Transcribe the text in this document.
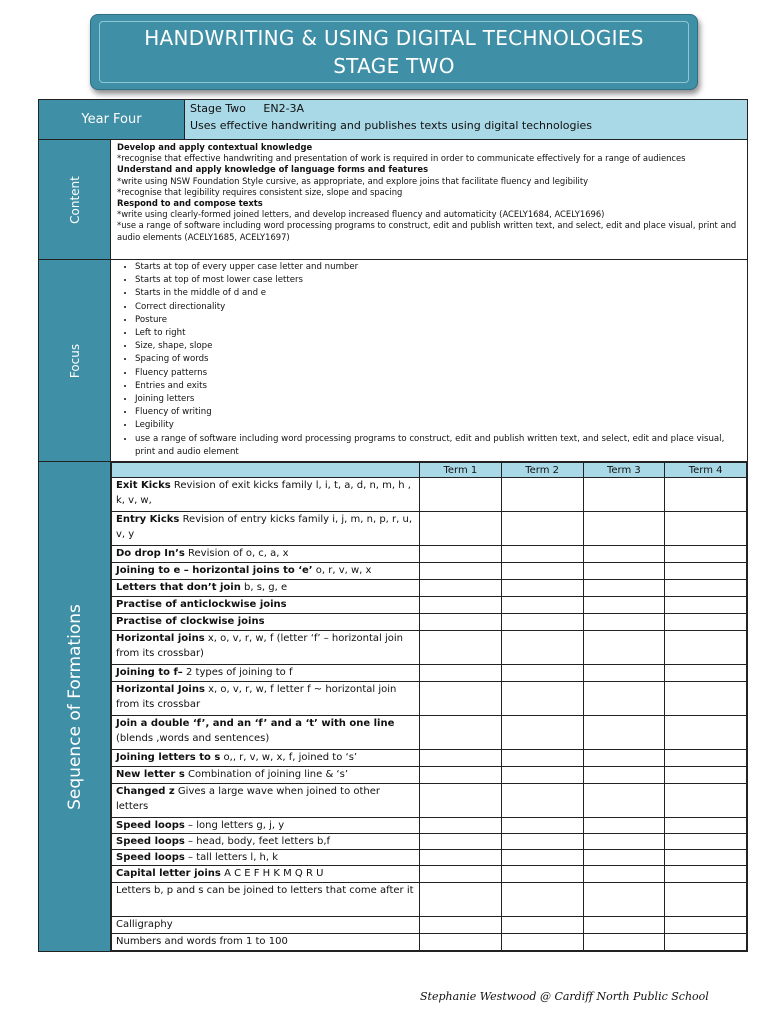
HANDWRITING & USING DIGITAL TECHNOLOGIES
STAGE TWO
Year Four	
Stage Two EN2-3A
Uses effective handwriting and publishes texts using digital technologies

Content

Develop and apply contextual knowledge
*recognise that effective handwriting and presentation of work is required in order to communicate effectively for a range of audiences
Understand and apply knowledge of language forms and features
*write using NSW Foundation Style cursive, as appropriate, and explore joins that facilitate fluency and legibility
*recognise that legibility requires consistent size, slope and spacing
Respond to and compose texts
*write using clearly-formed joined letters, and develop increased fluency and automaticity (ACELY1684, ACELY1696)
*use a range of software including word processing programs to construct, edit and publish written text, and select, edit and place visual, print and audio elements (ACELY1685, ACELY1697)

Focus

• Starts at top of every upper case letter and number
• Starts at top of most lower case letters
• Starts in the middle of d and e
• Correct directionality
• Posture
• Left to right
• Size, shape, slope
• Spacing of words
• Fluency patterns
• Entries and exits
• Joining letters
• Fluency of writing
• Legibility
• use a range of software including word processing programs to construct, edit and publish written text, and select, edit and place visual, print and audio element

Sequence of Formations

	Term 1	Term 2	Term 3	Term 4
Exit Kicks Revision of exit kicks family l, i, t, a, d, n, m, h , k, v, w,				
Entry Kicks Revision of entry kicks family i, j, m, n, p, r, u, v, y				
Do drop In’s Revision of o, c, a, x				
Joining to e – horizontal joins to ‘e’ o, r, v, w, x				
Letters that don’t join b, s, g, e				
Practise of anticlockwise joins				
Practise of clockwise joins				
Horizontal joins x, o, v, r, w, f (letter ‘f’ – horizontal join from its crossbar)				
Joining to f– 2 types of joining to f				
Horizontal Joins x, o, v, r, w, f letter f ~ horizontal join from its crossbar				
Join a double ‘f’, and an ‘f’ and a ‘t’ with one line (blends ,words and sentences)				
Joining letters to s o,, r, v, w, x, f, joined to ‘s’				
New letter s Combination of joining line & ‘s’				
Changed z Gives a large wave when joined to other letters				
Speed loops – long letters g, j, y				
Speed loops – head, body, feet letters b,f				
Speed loops – tall letters l, h, k				
Capital letter joins A C E F H K M Q R U				
Letters b, p and s can be joined to letters that come after it				
Calligraphy				
Numbers and words from 1 to 100				
Stephanie Westwood @ Cardiff North Public School
